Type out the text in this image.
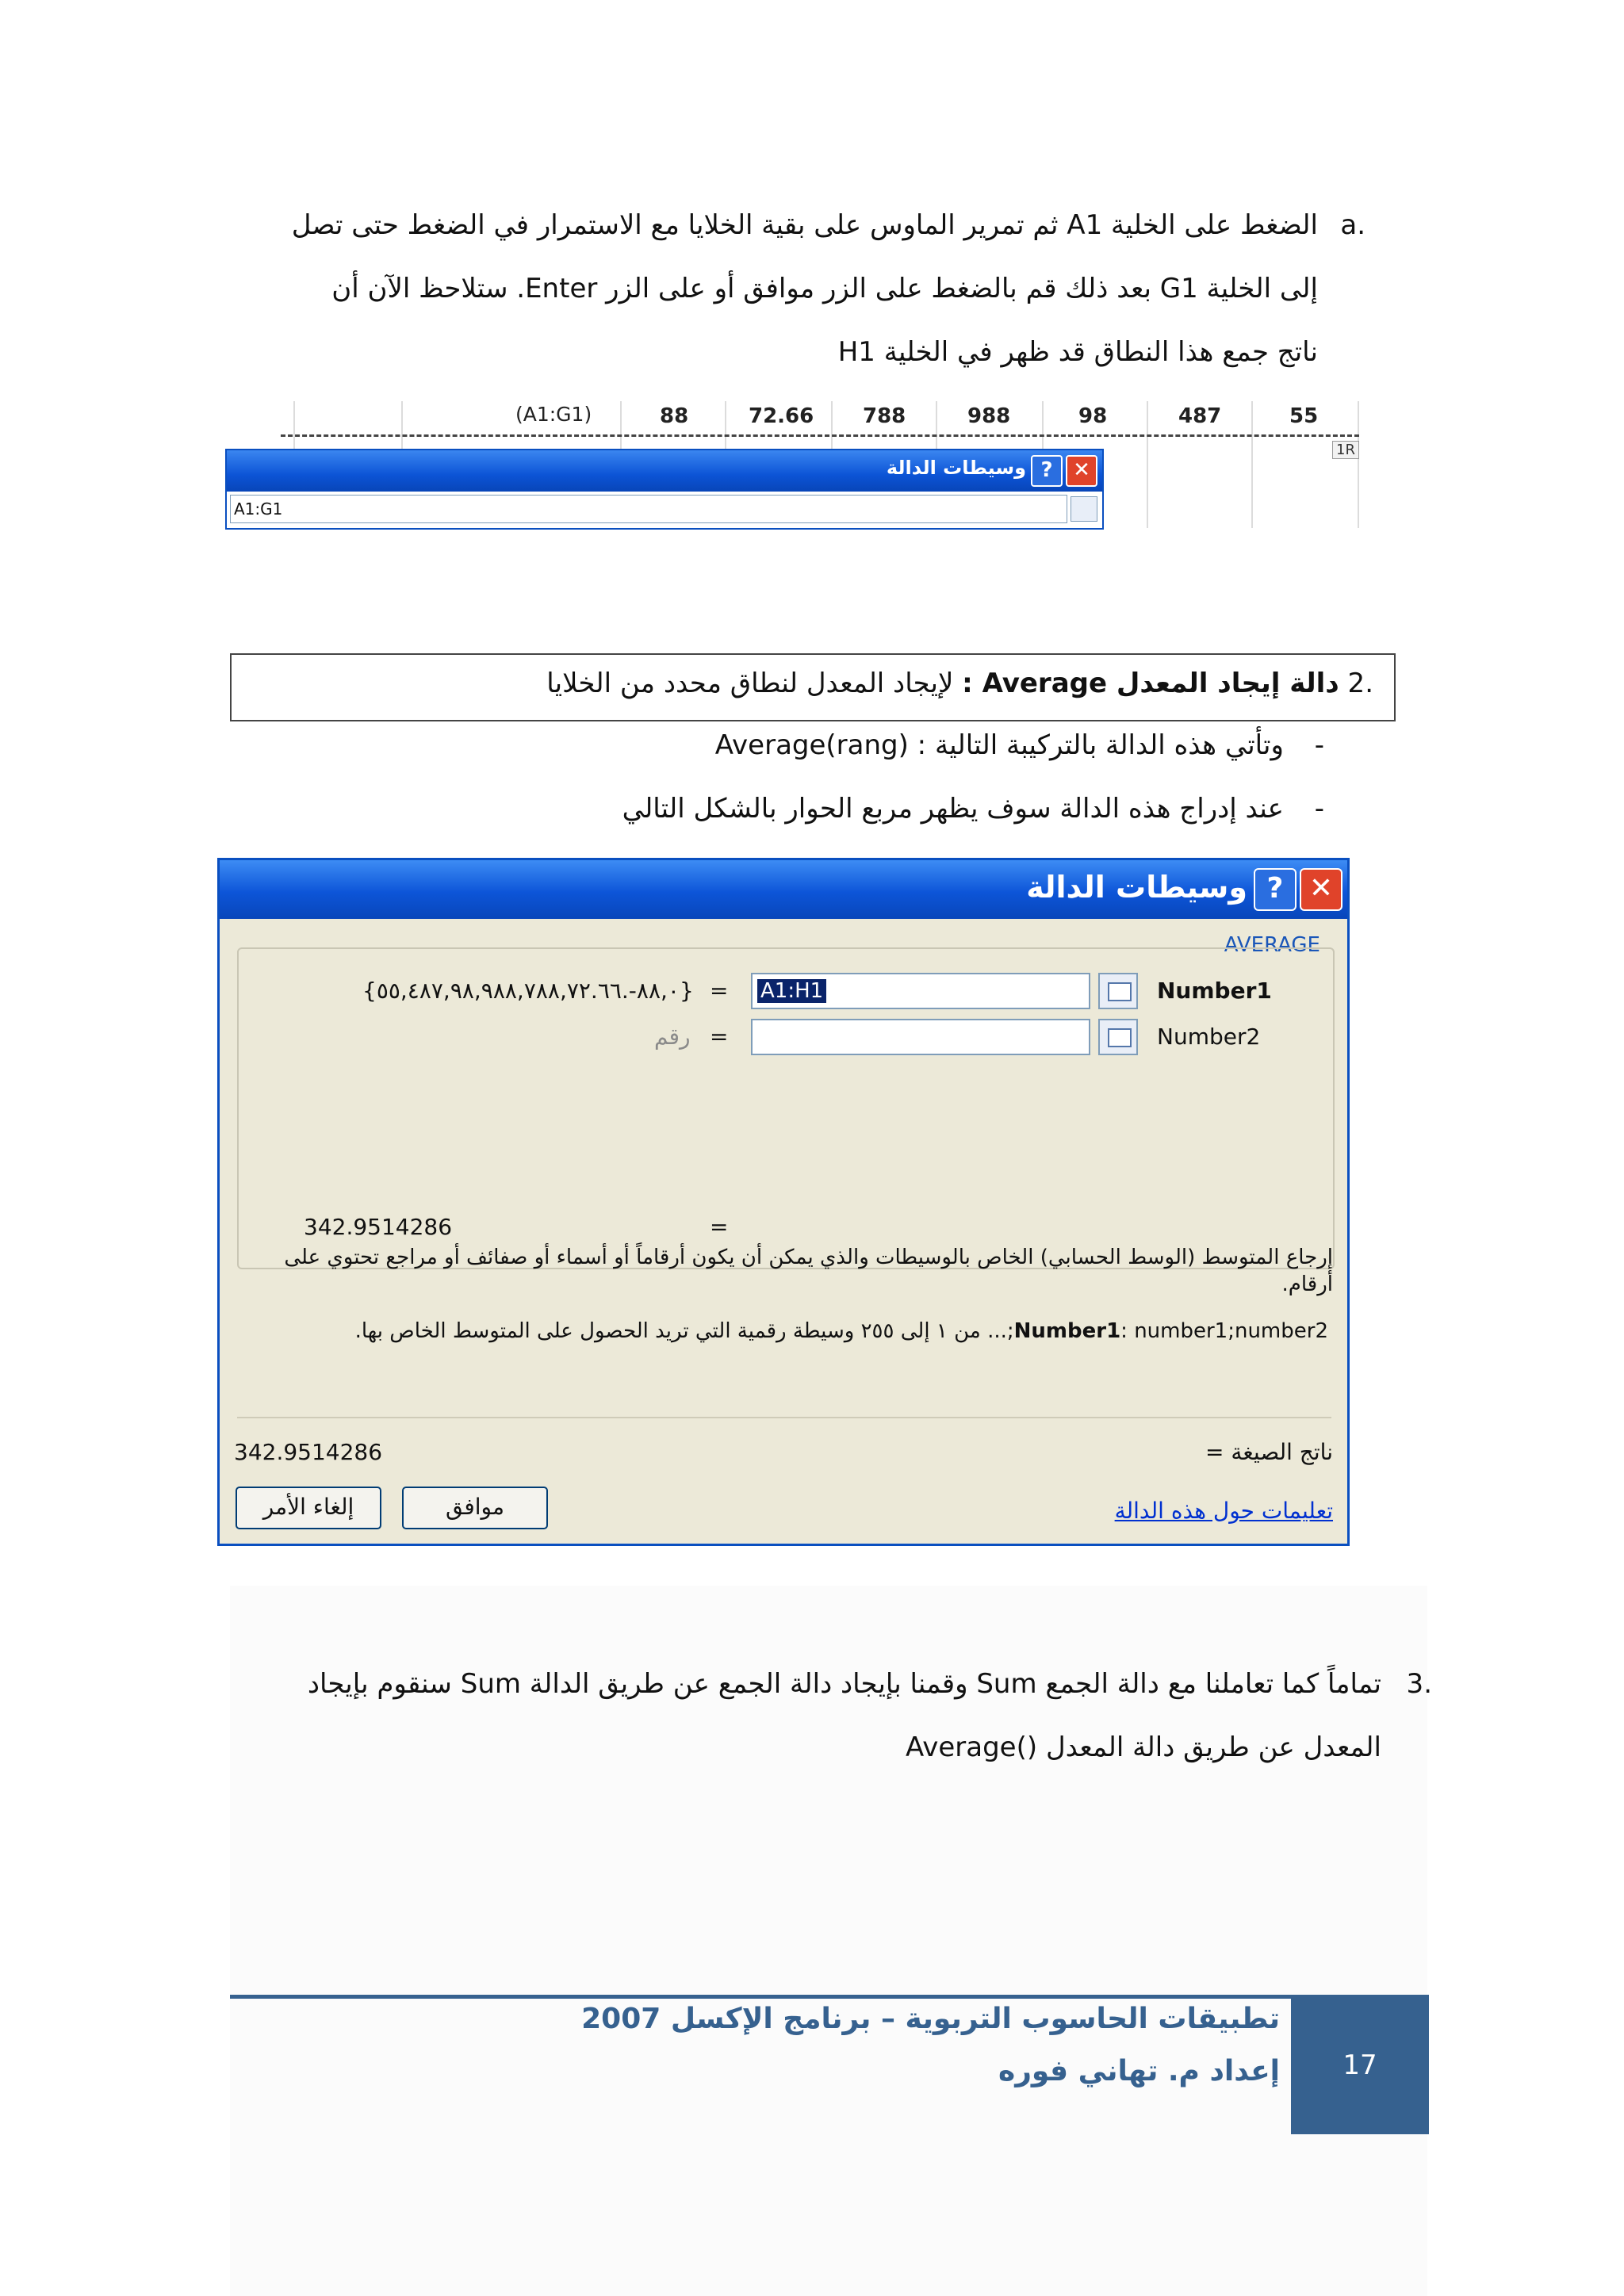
.a
الضغط على الخلية A1 ثم تمرير الماوس على بقية الخلايا مع الاستمرار في الضغط حتى تصل
إلى الخلية G1 بعد ذلك قم بالضغط على الزر موافق أو على الزر Enter. ستلاحظ الآن أن
ناتج جمع هذا النطاق قد ظهر في الخلية H1
(A1:G1)	88	72.66 788	988	98	487	55
1R
وسيطات الدالة ? ✕
A1:G1
.2 دالة إيجاد المعدل Average : لإيجاد المعدل لنطاق محدد من الخلايا
- وتأتي هذه الدالة بالتركيبة التالية : Average(rang)
- عند إدراج هذه الدالة سوف يظهر مربع الحوار بالشكل التالي
وسيطات الدالة ? ✕
AVERAGE
{٨٨,٠-.٥٥,٤٨٧,٩٨,٩٨٨,٧٨٨,٧٢.٦٦} = A1:H1	Number1
رقم =	Number2
342.9514286	=
إرجاع المتوسط (الوسط الحسابي) الخاص بالوسيطات والذي يمكن أن يكون أرقاماً أو أسماء أو صفائف أو مراجع تحتوي على أرقام.
Number1: number1;number2;... من ١ إلى ٢٥٥ وسيطة رقمية التي تريد الحصول على المتوسط الخاص بها.
342.9514286	ناتج الصيغة =
إلغاء الأمر	موافق	تعليمات حول هذه الدالة
.3
تماماً كما تعاملنا مع دالة الجمع Sum وقمنا بإيجاد دالة الجمع عن طريق الدالة Sum سنقوم بإيجاد
المعدل عن طريق دالة المعدل ()Average
17
تطبيقات الحاسوب التربوية – برنامج الإكسل 2007
إعداد م. تهاني فوره
